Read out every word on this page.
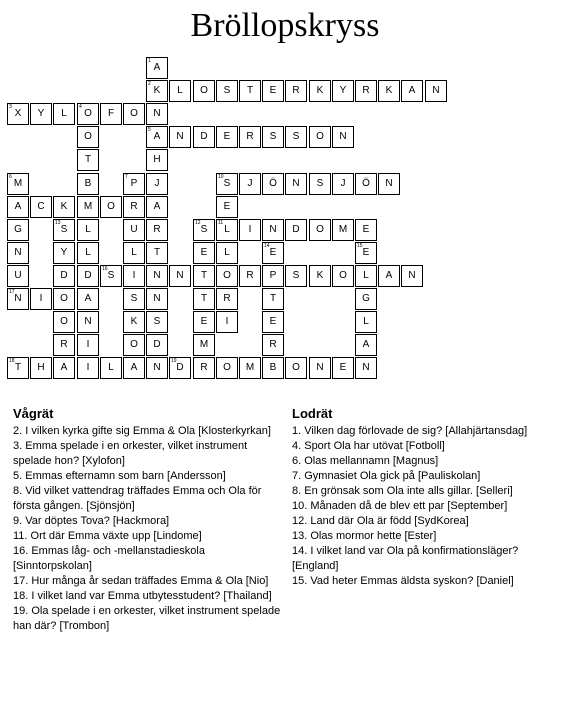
Bröllopskryss
2
K	L	O	S	T	E	R	K	Y	R	K	A	N
3
X	Y	L
4
O	F	O	N
5
A	N	D	E	R	S	S	O	N
10
S	J	Ö	N	S	J	Ö	N
A	C	K	M	O	R	A
11
L	I	N	D	O	M	E
16
S	I	N	N	T	O	R	P	S	K	O	L	A	N
17
N	I	O
18
T	H	A	I	L	A	N
19
D	R	O	M	B	O	N	E
1
A
H
J
R
T
N
S
D
O
T
B
L
L
6
M
G
N
U
7
P
U
L
S
K
O
E
L
R
I
12
S
E
T
E
M
13
S
Y
D
O
R
14
E
T
E
R
15
E
G
L
A
N
D
A
N
I
Vågrät

2. I vilken kyrka gifte sig Emma & Ola [Klosterkyrkan]

3. Emma spelade i en orkester, vilket instrument spelade hon? [Xylofon]

5. Emmas efternamn som barn [Andersson]

8. Vid vilket vattendrag träffades Emma och Ola för första gången. [Sjönsjön]

9. Var döptes Tova? [Hackmora]

11. Ort där Emma växte upp [Lindome]

16. Emmas låg- och -mellanstadieskola [Sinntorpskolan]

17. Hur många år sedan träffades Emma & Ola [Nio]

18. I vilket land var Emma utbytesstudent? [Thailand]

19. Ola spelade i en orkester, vilket instrument spelade han där? [Trombon]

Lodrät

1. Vilken dag förlovade de sig? [Allahjärtansdag]

4. Sport Ola har utövat [Fotboll]

6. Olas mellannamn [Magnus]

7. Gymnasiet Ola gick på [Pauliskolan]

8. En grönsak som Ola inte alls gillar. [Selleri]

10. Månaden då de blev ett par [September]

12. Land där Ola är född [SydKorea]

13. Olas mormor hette [Ester]

14. I vilket land var Ola på konfirmationsläger? [England]

15. Vad heter Emmas äldsta syskon? [Daniel]
